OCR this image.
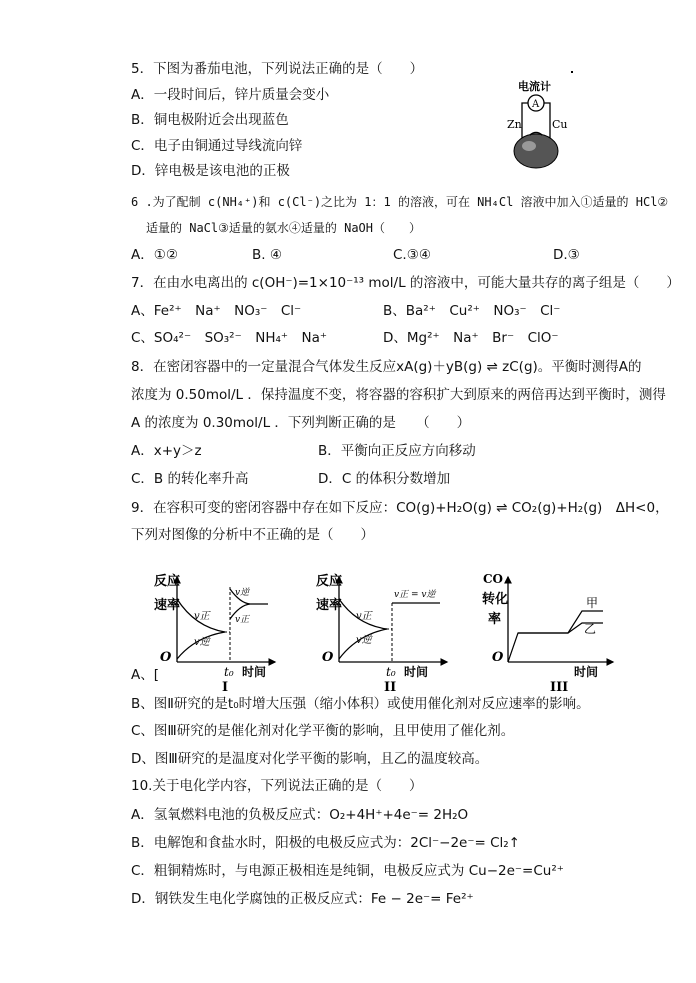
5．下图为番茄电池，下列说法正确的是（　　）
A．一段时间后，锌片质量会变小
B．铜电极附近会出现蓝色
C．电子由铜通过导线流向锌
D．锌电极是该电池的正极
电流计
A
Zn	Cu
6 .为了配制 c(NH₄⁺)和 c(Cl⁻)之比为 1：1 的溶液，可在 NH₄Cl 溶液中加入①适量的 HCl②
适量的 NaCl③适量的氨水④适量的 NaOH（　　）
A．①②	B. ④	C.③④	D.③
7．在由水电离出的 c(OH⁻)=1×10⁻¹³ mol/L 的溶液中，可能大量共存的离子组是（　　）
A、Fe²⁺　Na⁺　NO₃⁻　Cl⁻	B、Ba²⁺　Cu²⁺　NO₃⁻　Cl⁻
C、SO₄²⁻　SO₃²⁻　NH₄⁺　Na⁺	D、Mg²⁺　Na⁺　Br⁻　ClO⁻
8．在密闭容器中的一定量混合气体发生反应xA(g)＋yB(g) ⇌ zC(g)。平衡时测得A的
浓度为 0.50mol/L ．保持温度不变，将容器的容积扩大到原来的两倍再达到平衡时，测得
A 的浓度为 0.30mol/L ．下列判断正确的是　　（　　）
A．x+y＞z	B．平衡向正反应方向移动
C．B 的转化率升高	D．C 的体积分数增加
9．在容积可变的密闭容器中存在如下反应：CO(g)+H₂O(g) ⇌ CO₂(g)+H₂(g)　ΔH<0，
下列对图像的分析中不正确的是（　　）
反应
速率
v正
v逆
v逆
v正
O
t₀ 时间
I
反应
速率
v正
v逆
v正 = v逆
O
t₀ 时间
II
CO
转化
率
甲
乙
O
时间
III
A、[
B、图Ⅱ研究的是t₀时增大压强（缩小体积）或使用催化剂对反应速率的影响。
C、图Ⅲ研究的是催化剂对化学平衡的影响，且甲使用了催化剂。
D、图Ⅲ研究的是温度对化学平衡的影响，且乙的温度较高。
10.关于电化学内容，下列说法正确的是（　　）
A．氢氧燃料电池的负极反应式：O₂+4H⁺+4e⁻= 2H₂O
B．电解饱和食盐水时，阳极的电极反应式为：2Cl⁻−2e⁻= Cl₂↑
C．粗铜精炼时，与电源正极相连是纯铜，电极反应式为 Cu−2e⁻=Cu²⁺
D．钢铁发生电化学腐蚀的正极反应式：Fe − 2e⁻= Fe²⁺
